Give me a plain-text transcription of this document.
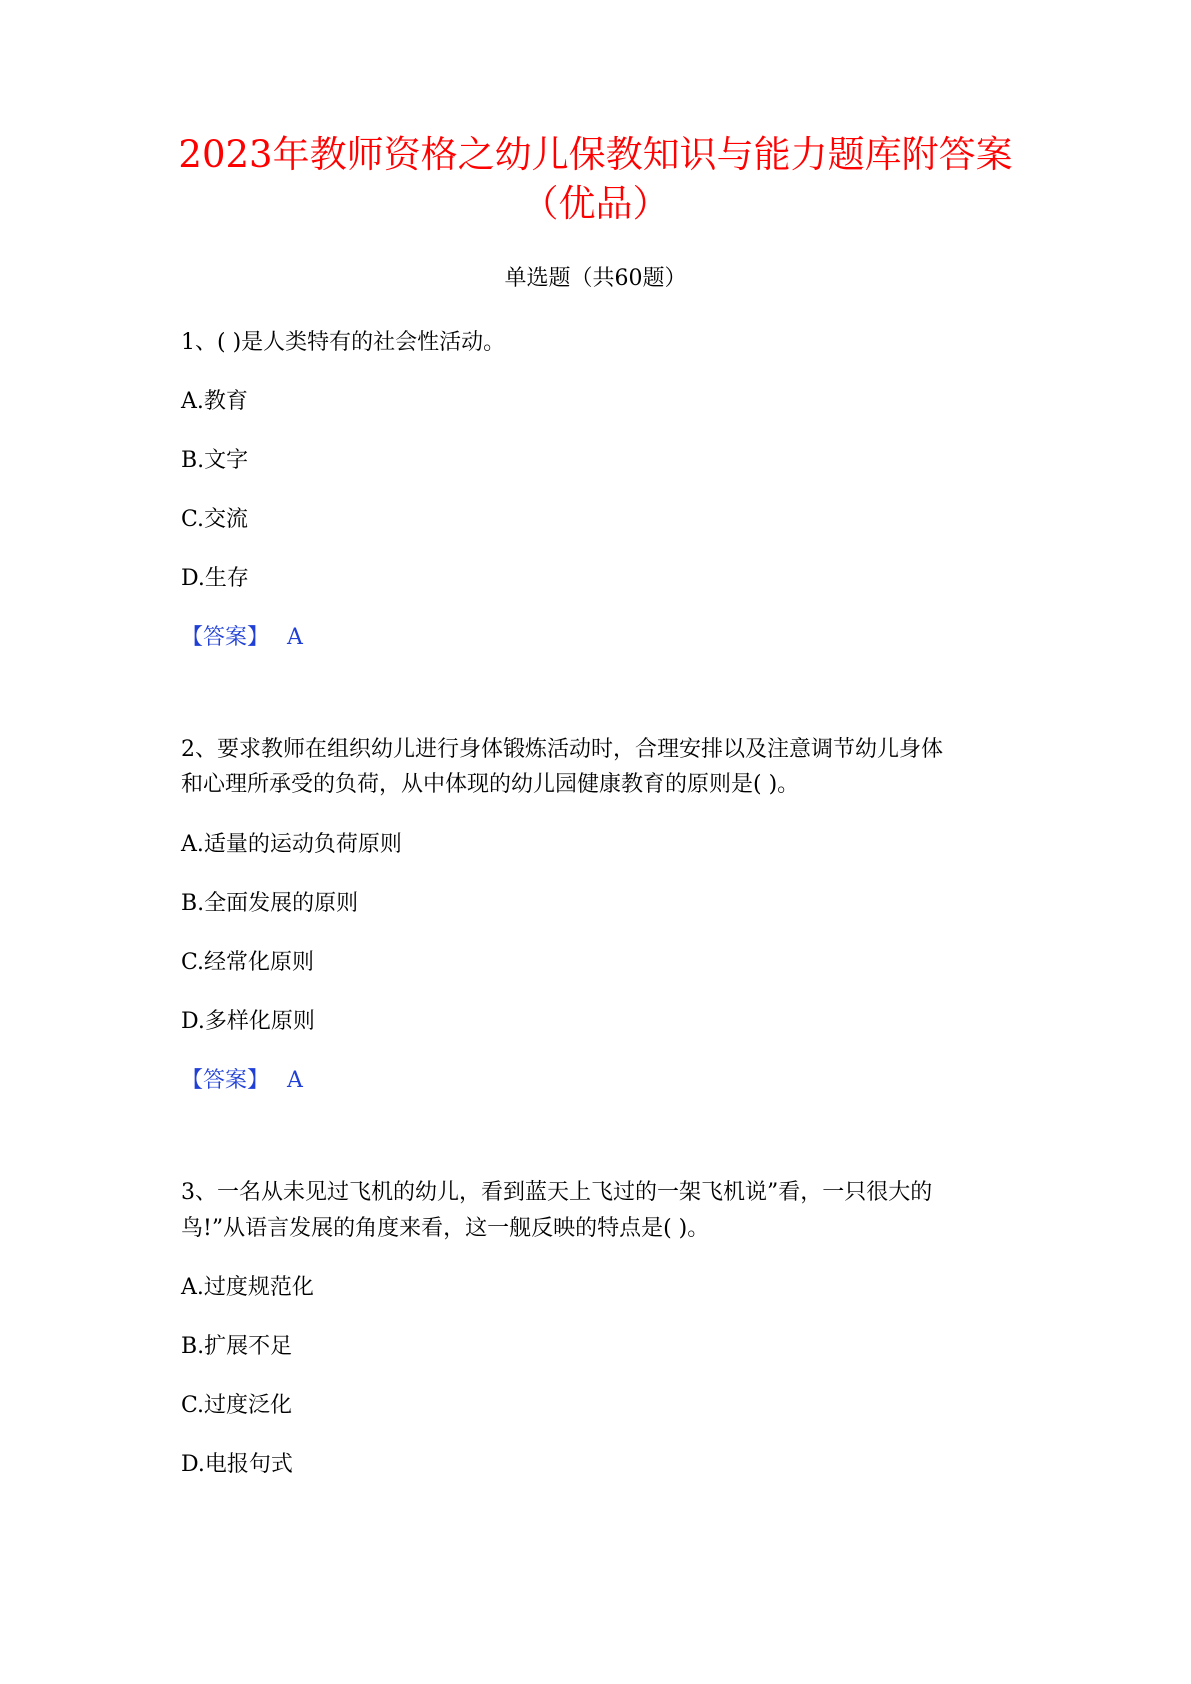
2023年教师资格之幼儿保教知识与能力题库附答案
（优品）
单选题（共60题）
1、( )是人类特有的社会性活动。
A.教育
B.文字
C.交流
D.生存
【答案】 A
2、要求教师在组织幼儿进行身体锻炼活动时，合理安排以及注意调节幼儿身体
和心理所承受的负荷，从中体现的幼儿园健康教育的原则是( )。
A.适量的运动负荷原则
B.全面发展的原则
C.经常化原则
D.多样化原则
【答案】 A
3、一名从未见过飞机的幼儿，看到蓝天上飞过的一架飞机说”看，一只很大的
鸟!”从语言发展的角度来看，这一舰反映的特点是( )。
A.过度规范化
B.扩展不足
C.过度泛化
D.电报句式
